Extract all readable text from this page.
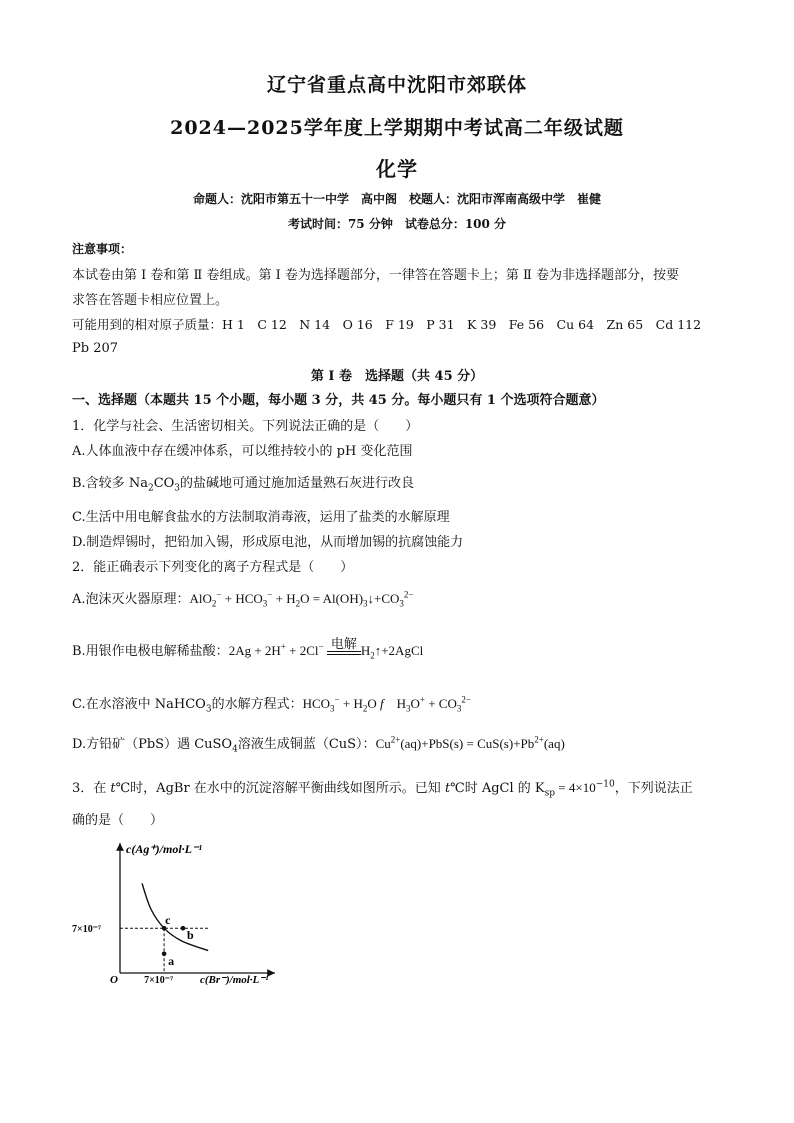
辽宁省重点高中沈阳市郊联体
2024—2025学年度上学期期中考试高二年级试题
化学
命题人：沈阳市第五十一中学　高中阁　校题人：沈阳市浑南高级中学　崔健
考试时间：75 分钟　试卷总分：100 分
注意事项：
本试卷由第 Ⅰ 卷和第 Ⅱ 卷组成。第 Ⅰ 卷为选择题部分，一律答在答题卡上；第 Ⅱ 卷为非选择题部分，按要
求答在答题卡相应位置上。
可能用到的相对原子质量：H 1　C 12　N 14　O 16　F 19　P 31　K 39　Fe 56　Cu 64　Zn 65　Cd 112
Pb 207
第 Ⅰ 卷　选择题（共 45 分）
一、选择题（本题共 15 个小题，每小题 3 分，共 45 分。每小题只有 1 个选项符合题意）
1．化学与社会、生活密切相关。下列说法正确的是（　　）
A.人体血液中存在缓冲体系，可以维持较小的 pH 变化范围
B.含较多 $Na_2CO_3$的盐碱地可通过施加适量熟石灰进行改良
C.生活中用电解食盐水的方法制取消毒液，运用了盐类的水解原理
D.制造焊锡时，把铅加入锡，形成原电池，从而增加锡的抗腐蚀能力
2．能正确表示下列变化的离子方程式是（　　）
A.泡沫灭火器原理：$AlO_2^- + HCO_3^- + H_2O$ = $Al(OH)_3↓+CO_3^{2-}$
B.用银作电极电解稀盐酸：2Ag + 2H+ + 2Cl− 电解 $H_2↑+2AgCl$
C.在水溶液中 NaHCO$_3$的水解方程式：$HCO_3^- + H_2O$ f　$H_3O^+ + CO_3^{2-}$
D.方铅矿（PbS）遇 CuSO$_4$溶液生成铜蓝（CuS）：$Cu^{2+}(aq)+PbS(s) = CuS(s)+Pb^{2+}(aq)$
3．在 t℃时，AgBr 在水中的沉淀溶解平衡曲线如图所示。已知 t℃时 AgCl 的 $K_{sp} = 4\times 10^{-10}$，下列说法正
确的是（　　）
a
b
c
c(Ag⁺)/mol·L⁻¹
c(Br⁻)/mol·L⁻¹
O
7×10⁻⁷
7×10⁻⁷
